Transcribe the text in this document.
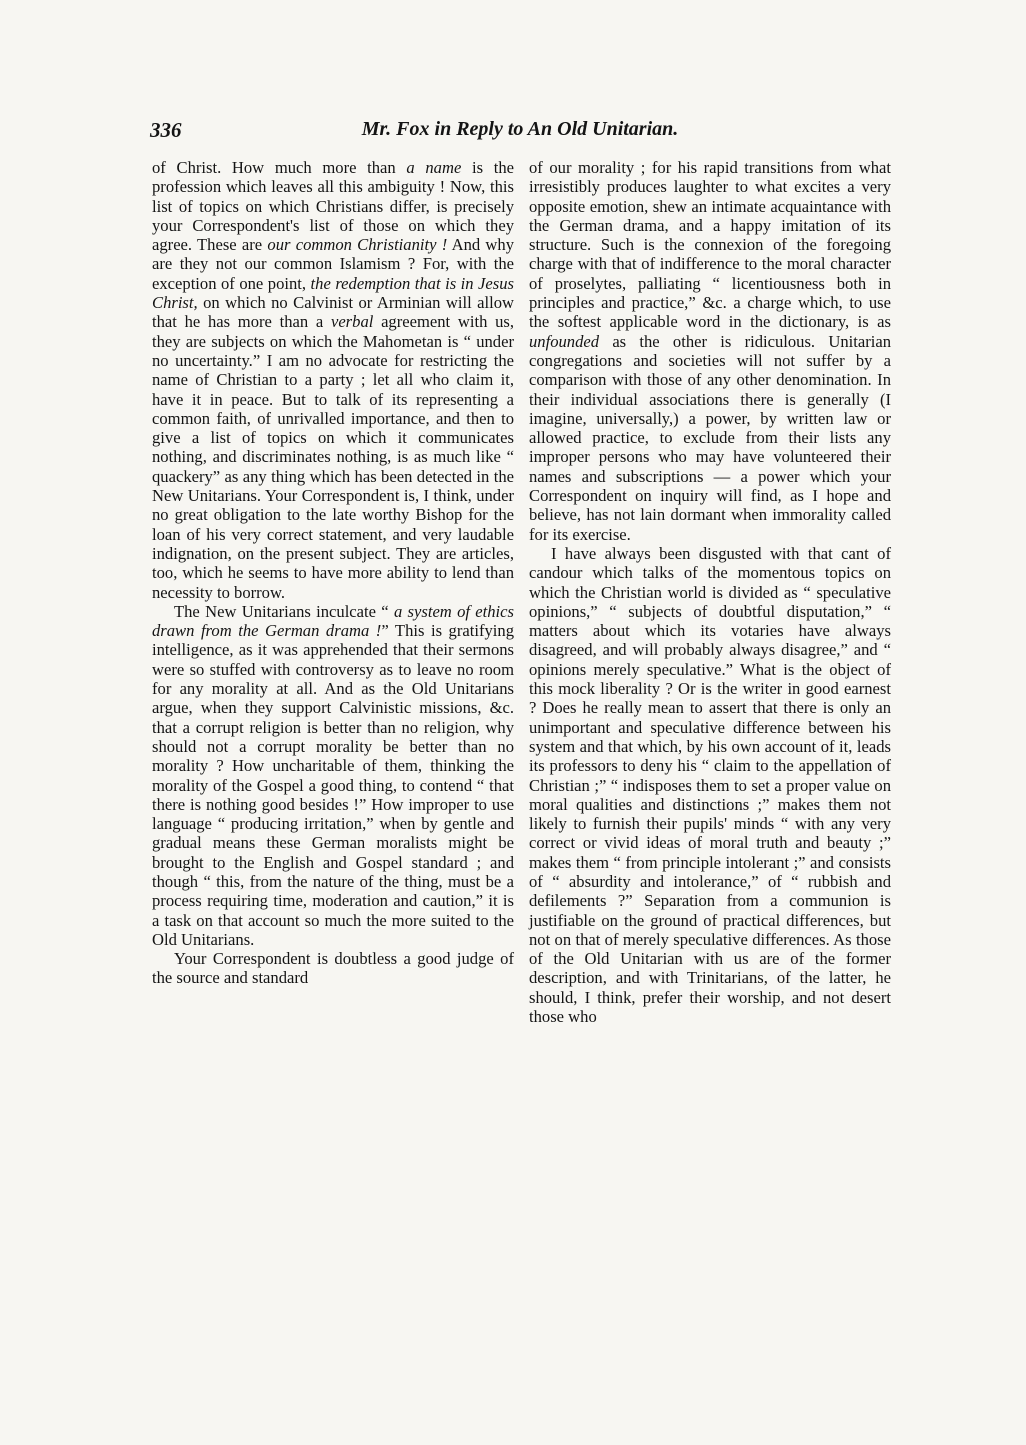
336	Mr. Fox in Reply to An Old Unitarian.

of Christ. How much more than a name is the profession which leaves all this ambiguity ! Now, this list of topics on which Christians differ, is precisely your Correspondent's list of those on which they agree. These are our common Christianity ! And why are they not our common Islamism ? For, with the exception of one point, the redemption that is in Jesus Christ, on which no Calvinist or Arminian will allow that he has more than a verbal agreement with us, they are subjects on which the Mahometan is “ under no uncertainty.” I am no advocate for restricting the name of Christian to a party ; let all who claim it, have it in peace. But to talk of its representing a common faith, of unrivalled importance, and then to give a list of topics on which it communicates nothing, and discriminates nothing, is as much like “ quackery” as any thing which has been detected in the New Unitarians. Your Correspondent is, I think, under no great obligation to the late worthy Bishop for the loan of his very correct statement, and very laudable indignation, on the present subject. They are articles, too, which he seems to have more ability to lend than necessity to borrow.

The New Unitarians inculcate “ a system of ethics drawn from the German drama !” This is gratifying intelligence, as it was apprehended that their sermons were so stuffed with controversy as to leave no room for any morality at all. And as the Old Unitarians argue, when they support Calvinistic missions, &c. that a corrupt religion is better than no religion, why should not a corrupt morality be better than no morality ? How uncharitable of them, thinking the morality of the Gospel a good thing, to contend “ that there is nothing good besides !” How improper to use language “ producing irritation,” when by gentle and gradual means these German moralists might be brought to the English and Gospel standard ; and though “ this, from the nature of the thing, must be a process requiring time, moderation and caution,” it is a task on that account so much the more suited to the Old Unitarians.

Your Correspondent is doubtless a good judge of the source and standard

of our morality ; for his rapid transitions from what irresistibly produces laughter to what excites a very opposite emotion, shew an intimate acquaintance with the German drama, and a happy imitation of its structure. Such is the connexion of the foregoing charge with that of indifference to the moral character of proselytes, palliating “ licentiousness both in principles and practice,” &c. a charge which, to use the softest applicable word in the dictionary, is as unfounded as the other is ridiculous. Unitarian congregations and societies will not suffer by a comparison with those of any other denomination. In their individual associations there is generally (I imagine, universally,) a power, by written law or allowed practice, to exclude from their lists any improper persons who may have volunteered their names and subscriptions — a power which your Correspondent on inquiry will find, as I hope and believe, has not lain dormant when immorality called for its exercise.

I have always been disgusted with that cant of candour which talks of the momentous topics on which the Christian world is divided as “ speculative opinions,” “ subjects of doubtful disputation,” “ matters about which its votaries have always disagreed, and will probably always disagree,” and “ opinions merely speculative.” What is the object of this mock liberality ? Or is the writer in good earnest ? Does he really mean to assert that there is only an unimportant and speculative difference between his system and that which, by his own account of it, leads its professors to deny his “ claim to the appellation of Christian ;” “ indisposes them to set a proper value on moral qualities and distinctions ;” makes them not likely to furnish their pupils' minds “ with any very correct or vivid ideas of moral truth and beauty ;” makes them “ from principle intolerant ;” and consists of “ absurdity and intolerance,” of “ rubbish and defilements ?” Separation from a communion is justifiable on the ground of practical differences, but not on that of merely speculative differences. As those of the Old Unitarian with us are of the former description, and with Trinitarians, of the latter, he should, I think, prefer their worship, and not desert those who
